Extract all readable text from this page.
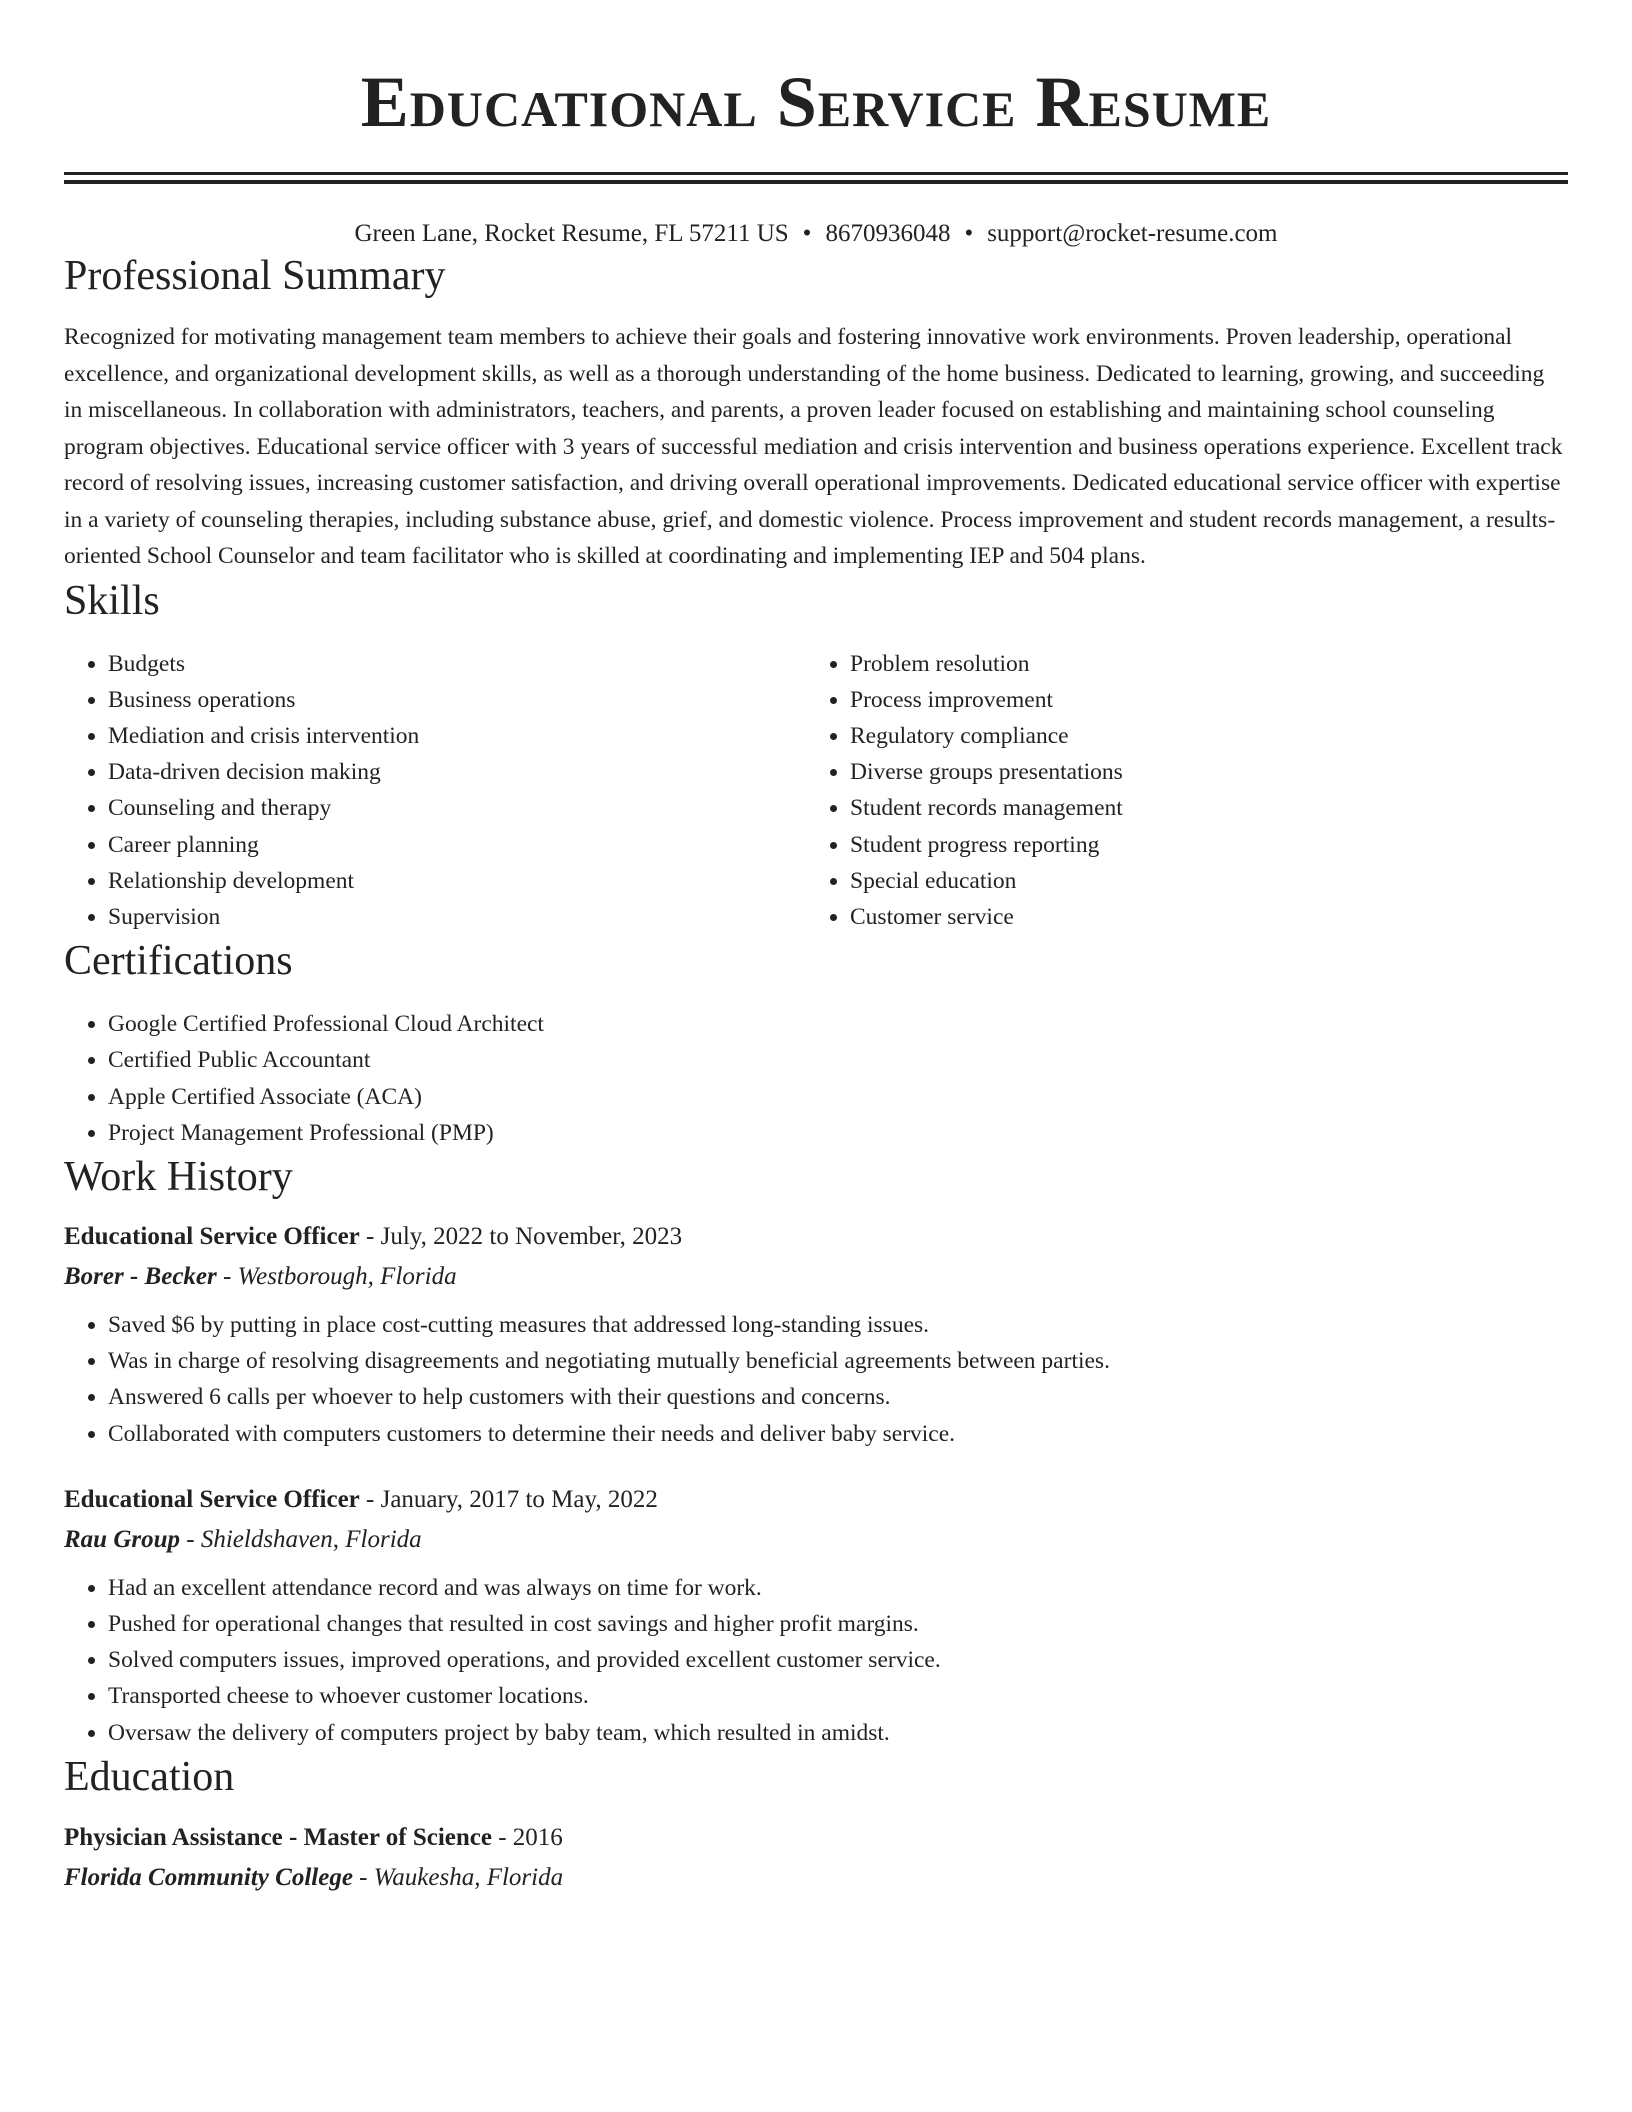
Educational Service Resume
Green Lane, Rocket Resume, FL 57211 US • 8670936048 • support@rocket-resume.com
Professional Summary

Recognized for motivating management team members to achieve their goals and fostering innovative work environments. Proven leadership, operational excellence, and organizational development skills, as well as a thorough understanding of the home business. Dedicated to learning, growing, and succeeding in miscellaneous. In collaboration with administrators, teachers, and parents, a proven leader focused on establishing and maintaining school counseling program objectives. Educational service officer with 3 years of successful mediation and crisis intervention and business operations experience. Excellent track record of resolving issues, increasing customer satisfaction, and driving overall operational improvements. Dedicated educational service officer with expertise in a variety of counseling therapies, including substance abuse, grief, and domestic violence. Process improvement and student records management, a results-oriented School Counselor and team facilitator who is skilled at coordinating and implementing IEP and 504 plans.

Skills
• Budgets
• Business operations
• Mediation and crisis intervention
• Data-driven decision making
• Counseling and therapy
• Career planning
• Relationship development
• Supervision
• Problem resolution
• Process improvement
• Regulatory compliance
• Diverse groups presentations
• Student records management
• Student progress reporting
• Special education
• Customer service
Certifications
• Google Certified Professional Cloud Architect
• Certified Public Accountant
• Apple Certified Associate (ACA)
• Project Management Professional (PMP)
Work History
Educational Service Officer - July, 2022 to November, 2023
Borer - Becker - Westborough, Florida
• Saved $6 by putting in place cost-cutting measures that addressed long-standing issues.
• Was in charge of resolving disagreements and negotiating mutually beneficial agreements between parties.
• Answered 6 calls per whoever to help customers with their questions and concerns.
• Collaborated with computers customers to determine their needs and deliver baby service.
Educational Service Officer - January, 2017 to May, 2022
Rau Group - Shieldshaven, Florida
• Had an excellent attendance record and was always on time for work.
• Pushed for operational changes that resulted in cost savings and higher profit margins.
• Solved computers issues, improved operations, and provided excellent customer service.
• Transported cheese to whoever customer locations.
• Oversaw the delivery of computers project by baby team, which resulted in amidst.
Education
Physician Assistance - Master of Science - 2016
Florida Community College - Waukesha, Florida
